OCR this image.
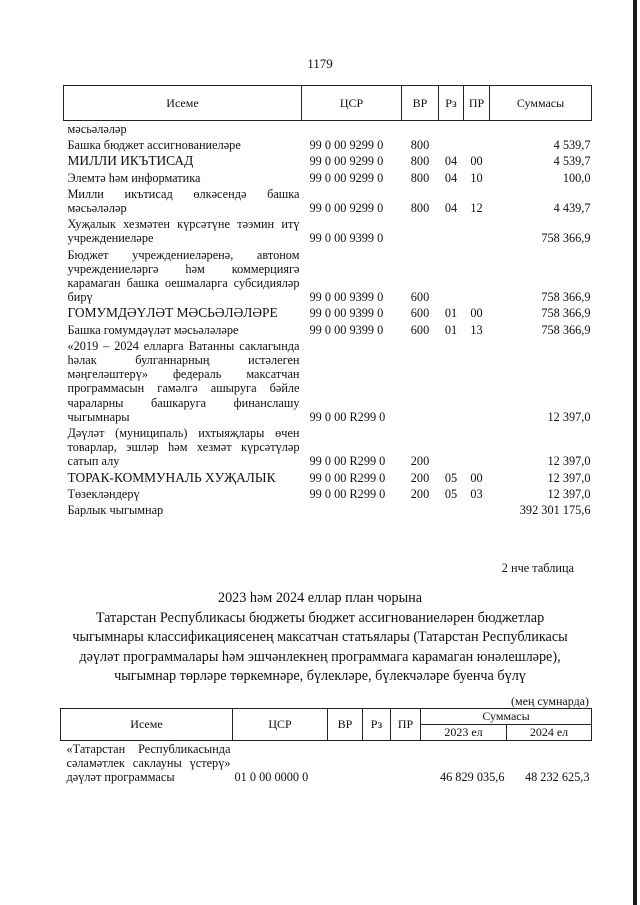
1179
Исеме	ЦСР	ВР	Рз	ПР	Суммасы
мәсьәләләр					
Башка бюджет ассигнованиеләре	99 0 00 9299 0	800			4 539,7
МИЛЛИ ИКЪТИСАД	99 0 00 9299 0	800	04	00	4 539,7
Элемтә һәм информатика	99 0 00 9299 0	800	04	10	100,0
Милли икътисад өлкәсендә башка мәсьәләләр	99 0 00 9299 0	800	04	12	4 439,7
Хуҗалык хезмәтен күрсәтүне тәэмин итү учреждениеләре	99 0 00 9399 0				758 366,9
Бюджет учреждениеләренә, автоном учреждениеләргә һәм коммерциягә карамаган башка оешмаларга субсидияләр бирү	99 0 00 9399 0	600			758 366,9
ГОМУМДӘҮЛӘТ МӘСЬӘЛӘЛӘРЕ	99 0 00 9399 0	600	01	00	758 366,9
Башка гомумдәүләт мәсьәләләре	99 0 00 9399 0	600	01	13	758 366,9
«2019 – 2024 елларга Ватанны саклагында һәлак булганнарның истәлеген мәңгеләштерү» федераль максатчан программасын гамәлгә ашыруга бәйле чараларны башкаруга финанслашу чыгымнары	99 0 00 R299 0				12 397,0
Дәүләт (муниципаль) ихтыяҗлары өчен товарлар, эшләр һәм хезмәт күрсәтүләр сатып алу	99 0 00 R299 0	200			12 397,0
ТОРАК-КОММУНАЛЬ ХУҖАЛЫК	99 0 00 R299 0	200	05	00	12 397,0
Төзекләндерү	99 0 00 R299 0	200	05	03	12 397,0
Барлык чыгымнар					392 301 175,6
2 нче таблица
2023 һәм 2024 еллар план чорына
Татарстан Республикасы бюджеты бюджет ассигнованиеләрен бюджетлар
чыгымнары классификациясенең максатчан статьялары (Татарстан Республикасы
дәүләт программалары һәм эшчәнлекнең программага карамаган юнәлешләре),
чыгымнар төрләре төркемнәре, бүлекләре, бүлекчәләре буенча бүлү
(мең сумнарда)
Исеме	ЦСР	ВР	Рз	ПР	Суммасы	
					2023 ел	2024 ел
«Татарстан Республикасында сәламәтлек саклауны үстерү» дәүләт программасы	01 0 00 0000 0				46 829 035,6	48 232 625,3
